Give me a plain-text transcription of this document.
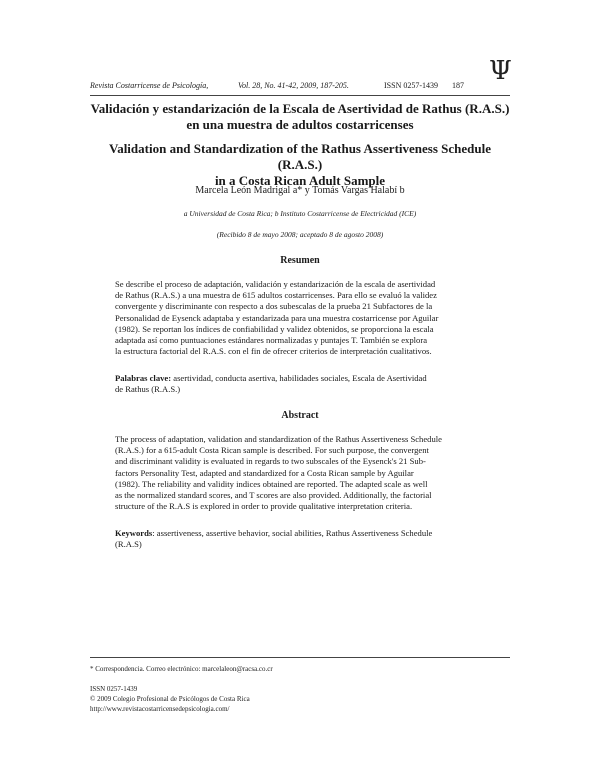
Revista Costarricense de Psicología,	Vol. 28, No. 41-42, 2009, 187-205.	ISSN 0257-1439 187 Ψ
Validación y estandarización de la Escala de Asertividad de Rathus (R.A.S.)
en una muestra de adultos costarricenses
Validation and Standardization of the Rathus Assertiveness Schedule (R.A.S.)
in a Costa Rican Adult Sample
Marcela León Madrigal a* y Tomás Vargas Halabí b
a Universidad de Costa Rica; b Instituto Costarricense de Electricidad (ICE)
(Recibido 8 de mayo 2008; aceptado 8 de agosto 2008)
Resumen
Se describe el proceso de adaptación, validación y estandarización de la escala de asertividad
de Rathus (R.A.S.) a una muestra de 615 adultos costarricenses. Para ello se evaluó la validez
convergente y discriminante con respecto a dos subescalas de la prueba 21 Subfactores de la
Personalidad de Eysenck adaptaba y estandarizada para una muestra costarricense por Aguilar
(1982). Se reportan los índices de confiabilidad y validez obtenidos, se proporciona la escala
adaptada así como puntuaciones estándares normalizadas y puntajes T. También se explora
la estructura factorial del R.A.S. con el fin de ofrecer criterios de interpretación cualitativos.
Palabras clave: asertividad, conducta asertiva, habilidades sociales, Escala de Asertividad
de Rathus (R.A.S.)
Abstract
The process of adaptation, validation and standardization of the Rathus Assertiveness Schedule
(R.A.S.) for a 615-adult Costa Rican sample is described. For such purpose, the convergent
and discriminant validity is evaluated in regards to two subscales of the Eysenck's 21 Sub-
factors Personality Test, adapted and standardized for a Costa Rican sample by Aguilar
(1982). The reliability and validity indices obtained are reported. The adapted scale as well
as the normalized standard scores, and T scores are also provided. Additionally, the factorial
structure of the R.A.S is explored in order to provide qualitative interpretation criteria.
Keywords: assertiveness, assertive behavior, social abilities, Rathus Assertiveness Schedule
(R.A.S)
* Correspondencia. Correo electrónico: marcelaleon@racsa.co.cr
ISSN 0257-1439
© 2009 Colegio Profesional de Psicólogos de Costa Rica
http://www.revistacostarricensedepsicologia.com/
